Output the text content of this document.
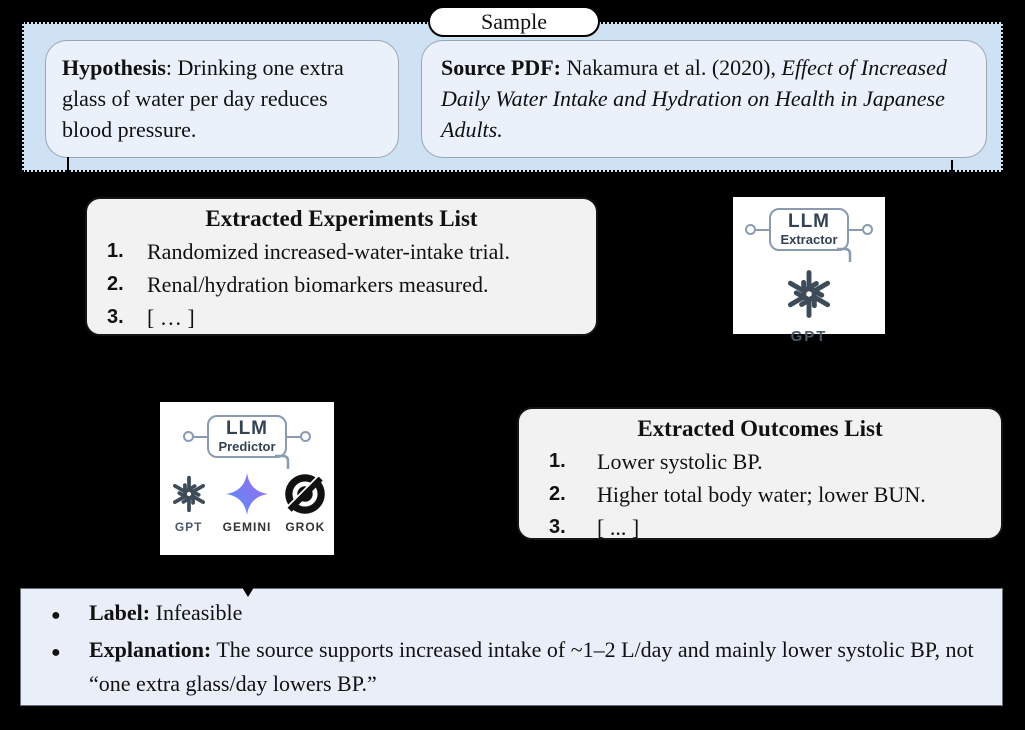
Sample
Hypothesis: Drinking one extra glass of water per day reduces blood pressure.
Source PDF: Nakamura et al. (2020), Effect of Increased Daily Water Intake and Hydration on Health in Japanese Adults.
Extracted Experiments List
1.	Randomized increased-water-intake trial.
2.	Renal/hydration biomarkers measured.
3.	[ … ]
LLM
Extractor
GPT
LLM
Predictor
GPT GEMINI GROK
Extracted Outcomes List
1.	Lower systolic BP.
2.	Higher total body water; lower BUN.
3.	[ ... ]
●
Label: Infeasible
●
Explanation: The source supports increased intake of ~1–2 L/day and mainly lower systolic BP, not “one extra glass/day lowers BP.”
